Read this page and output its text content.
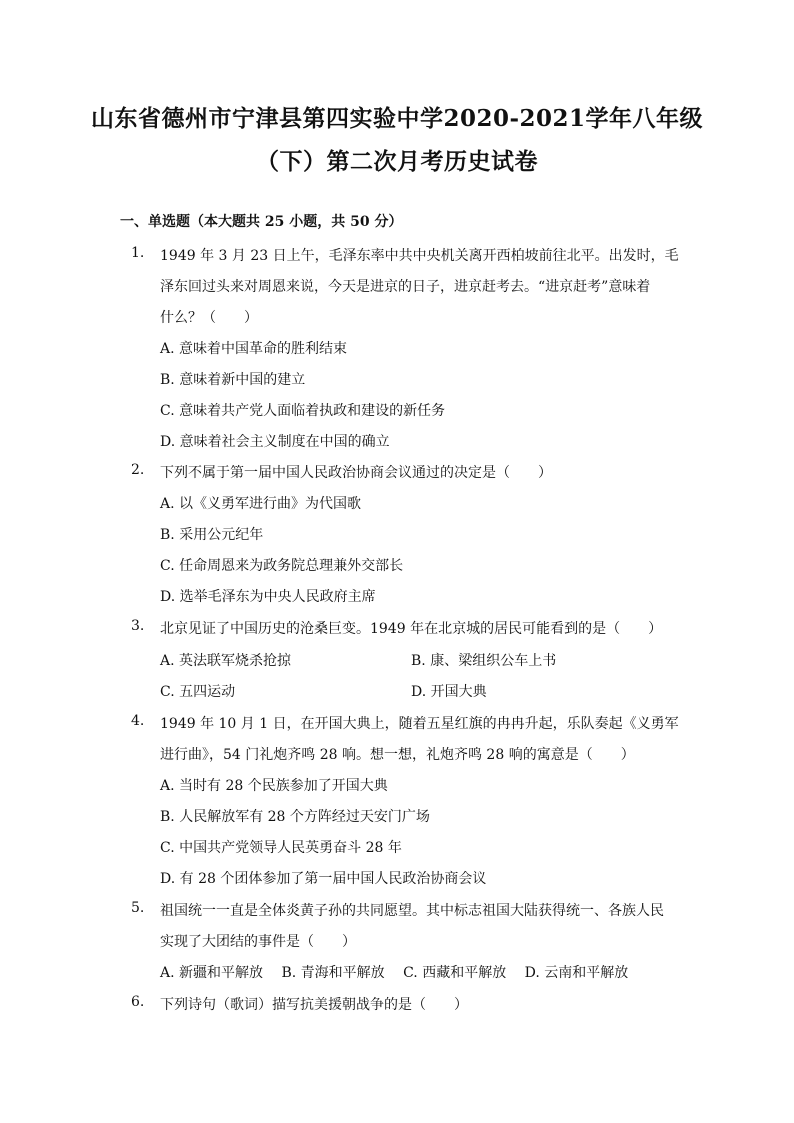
山东省德州市宁津县第四实验中学2020-2021学年八年级
（下）第二次月考历史试卷
一、单选题（本大题共 25 小题，共 50 分）
1. 1949 年 3 月 23 日上午，毛泽东率中共中央机关离开西柏坡前往北平。出发时，毛
泽东回过头来对周恩来说，今天是进京的日子，进京赶考去。“进京赶考”意味着
什么？（　　）
A. 意味着中国革命的胜利结束
B. 意味着新中国的建立
C. 意味着共产党人面临着执政和建设的新任务
D. 意味着社会主义制度在中国的确立
2. 下列不属于第一届中国人民政治协商会议通过的决定是（　　）
A. 以《义勇军进行曲》为代国歌
B. 采用公元纪年
C. 任命周恩来为政务院总理兼外交部长
D. 选举毛泽东为中央人民政府主席
3. 北京见证了中国历史的沧桑巨变。1949 年在北京城的居民可能看到的是（　　）
A. 英法联军烧杀抢掠	B. 康、梁组织公车上书
C. 五四运动	D. 开国大典
4. 1949 年 10 月 1 日，在开国大典上，随着五星红旗的冉冉升起，乐队奏起《义勇军
进行曲》，54 门礼炮齐鸣 28 响。想一想，礼炮齐鸣 28 响的寓意是（　　）
A. 当时有 28 个民族参加了开国大典
B. 人民解放军有 28 个方阵经过天安门广场
C. 中国共产党领导人民英勇奋斗 28 年
D. 有 28 个团体参加了第一届中国人民政治协商会议
5. 祖国统一一直是全体炎黄子孙的共同愿望。其中标志祖国大陆获得统一、各族人民
实现了大团结的事件是（　　）
A. 新疆和平解放　 B. 青海和平解放　 C. 西藏和平解放　 D. 云南和平解放
6. 下列诗句（歌词）描写抗美援朝战争的是（　　）
